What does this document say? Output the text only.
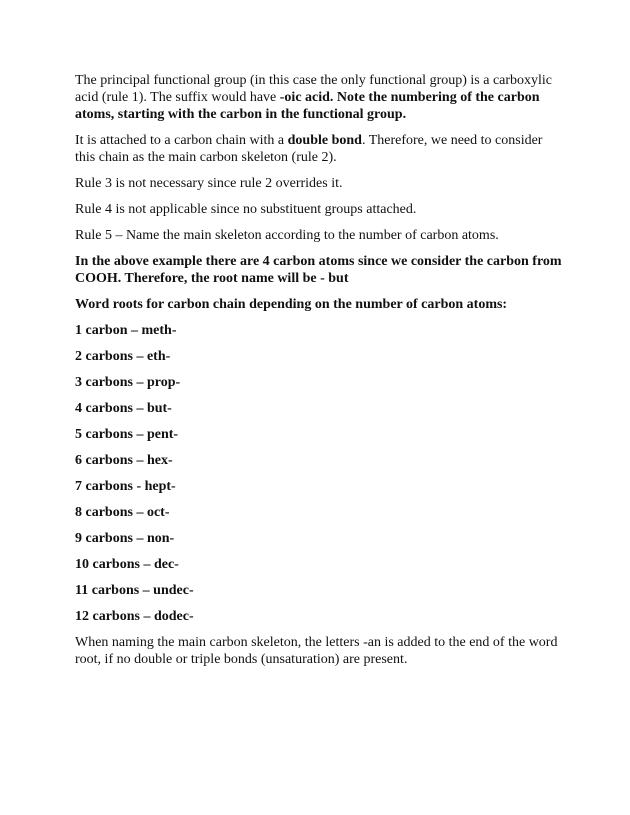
The principal functional group (in this case the only functional group) is a carboxylic acid (rule 1). The suffix would have -oic acid. Note the numbering of the carbon atoms, starting with the carbon in the functional group.

It is attached to a carbon chain with a double bond. Therefore, we need to consider this chain as the main carbon skeleton (rule 2).

Rule 3 is not necessary since rule 2 overrides it.

Rule 4 is not applicable since no substituent groups attached.

Rule 5 – Name the main skeleton according to the number of carbon atoms.

In the above example there are 4 carbon atoms since we consider the carbon from COOH. Therefore, the root name will be - but

Word roots for carbon chain depending on the number of carbon atoms:

1 carbon – meth-
2 carbons – eth-
3 carbons – prop-
4 carbons – but-
5 carbons – pent-
6 carbons – hex-
7 carbons - hept-
8 carbons – oct-
9 carbons – non-
10 carbons – dec-
11 carbons – undec-
12 carbons – dodec-

When naming the main carbon skeleton, the letters -an is added to the end of the word root, if no double or triple bonds (unsaturation) are present.
